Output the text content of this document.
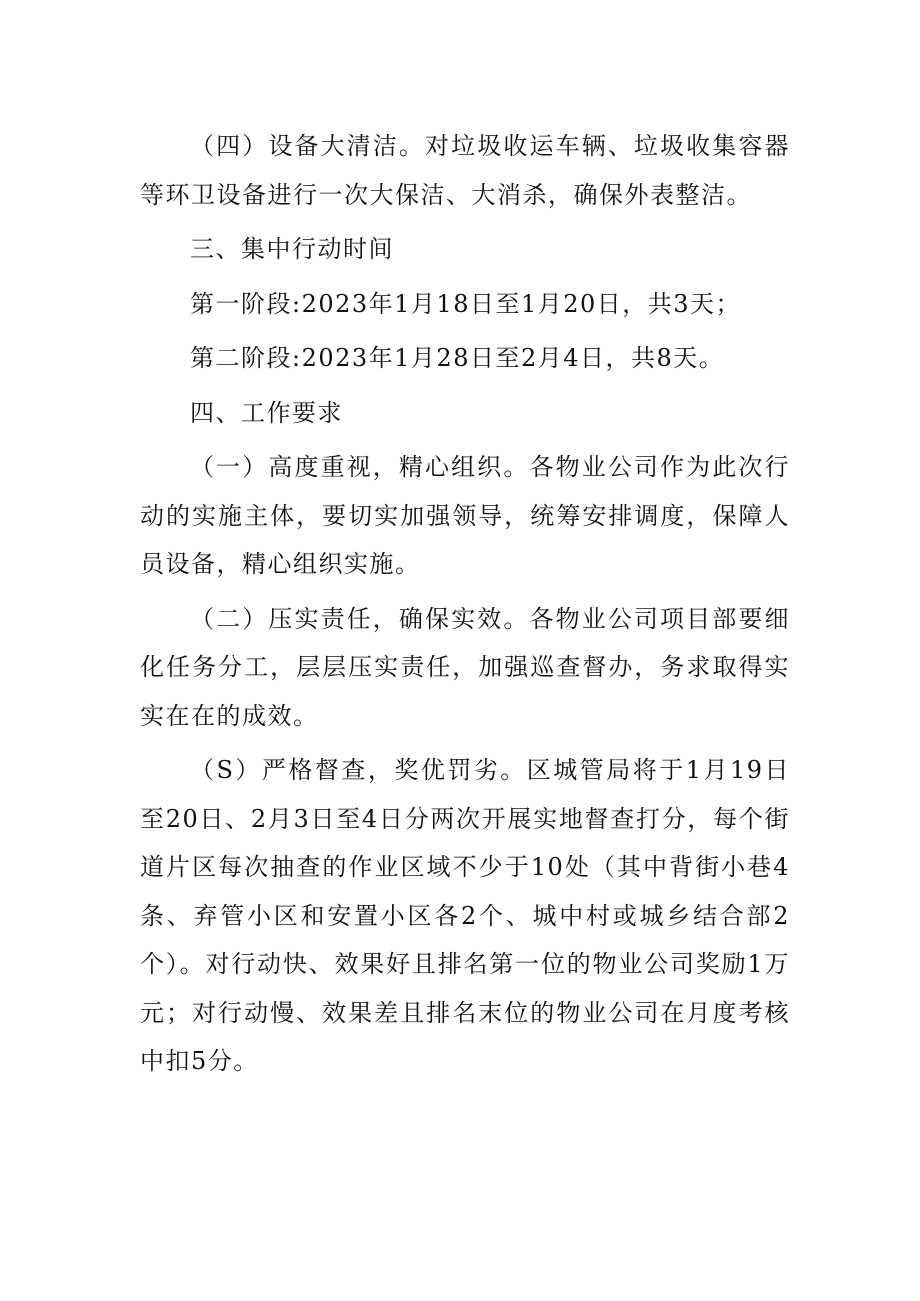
（四）设备大清洁。对垃圾收运车辆、垃圾收集容器等环卫设备进行一次大保洁、大消杀，确保外表整洁。

三、集中行动时间

第一阶段:2023年1月18日至1月20日，共3天；

第二阶段:2023年1月28日至2月4日，共8天。

四、工作要求

（一）高度重视，精心组织。各物业公司作为此次行动的实施主体，要切实加强领导，统筹安排调度，保障人员设备，精心组织实施。

（二）压实责任，确保实效。各物业公司项目部要细化任务分工，层层压实责任，加强巡查督办，务求取得实实在在的成效。

（S）严格督查，奖优罚劣。区城管局将于1月19日至20日、2月3日至4日分两次开展实地督查打分，每个街道片区每次抽查的作业区域不少于10处（其中背街小巷4条、弃管小区和安置小区各2个、城中村或城乡结合部2个）。对行动快、效果好且排名第一位的物业公司奖励1万元；对行动慢、效果差且排名末位的物业公司在月度考核中扣5分。
